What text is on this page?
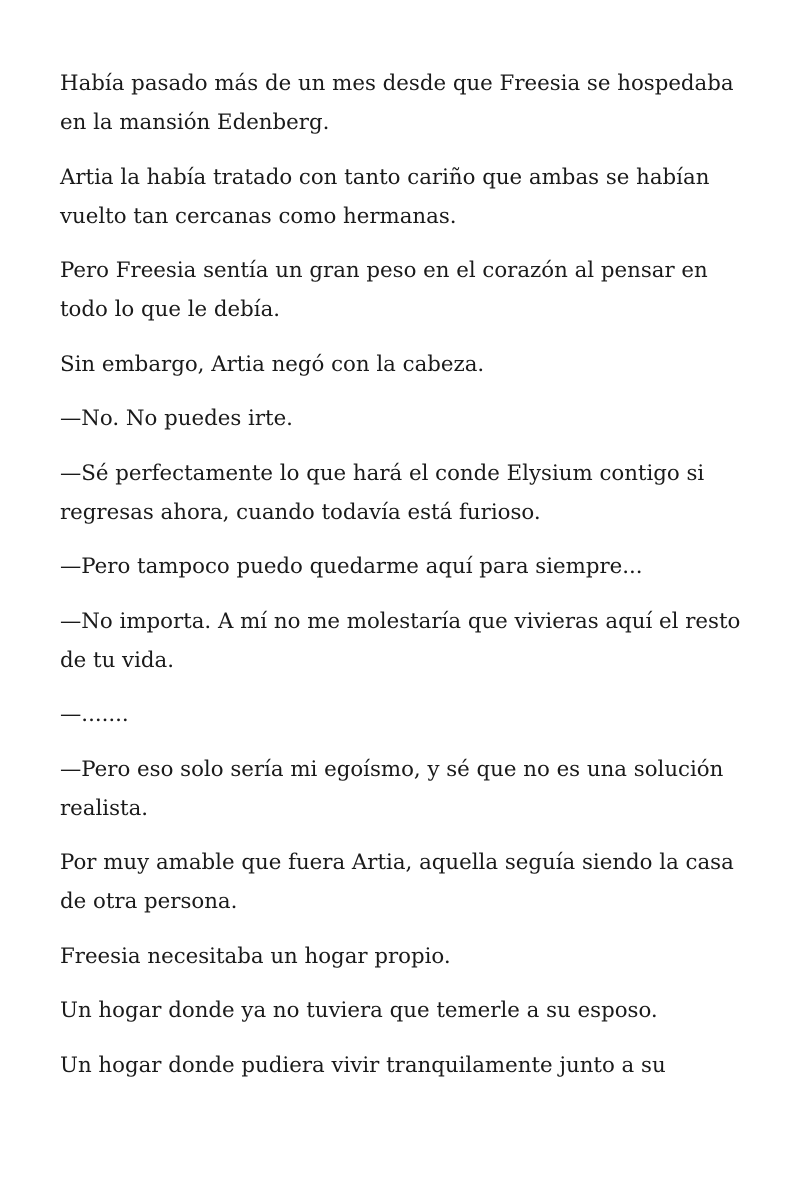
Había pasado más de un mes desde que Freesia se hospedaba en la mansión Edenberg.

Artia la había tratado con tanto cariño que ambas se habían vuelto tan cercanas como hermanas.

Pero Freesia sentía un gran peso en el corazón al pensar en todo lo que le debía.

Sin embargo, Artia negó con la cabeza.

—No. No puedes irte.

—Sé perfectamente lo que hará el conde Elysium contigo si regresas ahora, cuando todavía está furioso.

—Pero tampoco puedo quedarme aquí para siempre...

—No importa. A mí no me molestaría que vivieras aquí el resto de tu vida.

—.......

—Pero eso solo sería mi egoísmo, y sé que no es una solución realista.

Por muy amable que fuera Artia, aquella seguía siendo la casa de otra persona.

Freesia necesitaba un hogar propio.

Un hogar donde ya no tuviera que temerle a su esposo.

Un hogar donde pudiera vivir tranquilamente junto a su
